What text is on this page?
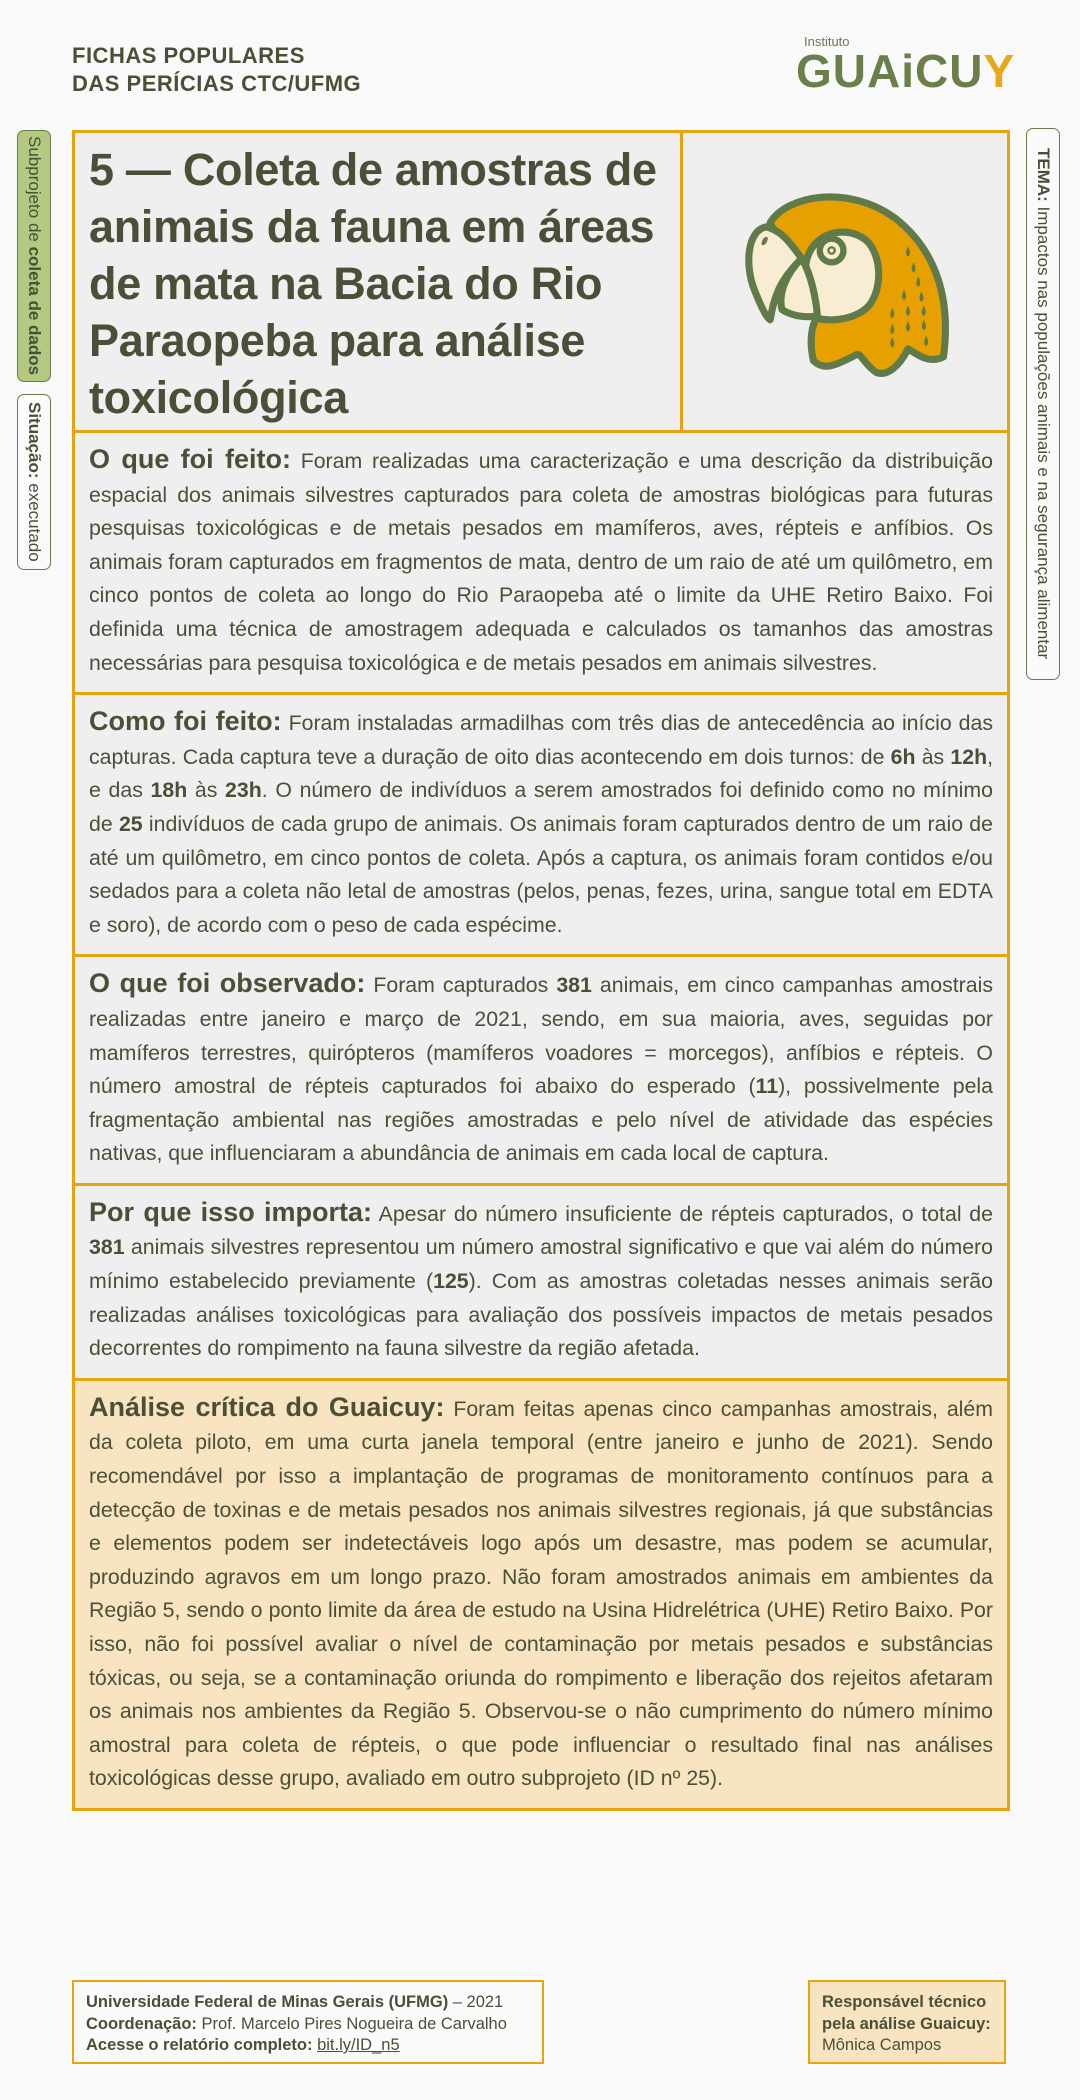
FICHAS POPULARES
DAS PERÍCIAS CTC/UFMG
Instituto
GUAiCUY
Subprojeto de coleta de dados
Situação: executado
TEMA: Impactos nas populações animais e na segurança alimentar
5 — Coleta de amostras de animais da fauna em áreas de mata na Bacia do Rio Paraopeba para análise toxicológica
O que foi feito: Foram realizadas uma caracterização e uma descrição da distribuição espacial dos animais silvestres capturados para coleta de amostras biológicas para futuras pesquisas toxicológicas e de metais pesados em mamíferos, aves, répteis e anfíbios. Os animais foram capturados em fragmentos de mata, dentro de um raio de até um quilômetro, em cinco pontos de coleta ao longo do Rio Paraopeba até o limite da UHE Retiro Baixo. Foi definida uma técnica de amostragem adequada e calculados os tamanhos das amostras necessárias para pesquisa toxicológica e de metais pesados em animais silvestres.
Como foi feito: Foram instaladas armadilhas com três dias de antecedência ao início das capturas. Cada captura teve a duração de oito dias acontecendo em dois turnos: de 6h às 12h, e das 18h às 23h. O número de indivíduos a serem amostrados foi definido como no mínimo de 25 indivíduos de cada grupo de animais. Os animais foram capturados dentro de um raio de até um quilômetro, em cinco pontos de coleta. Após a captura, os animais foram contidos e/ou sedados para a coleta não letal de amostras (pelos, penas, fezes, urina, sangue total em EDTA e soro), de acordo com o peso de cada espécime.
O que foi observado: Foram capturados 381 animais, em cinco campanhas amostrais realizadas entre janeiro e março de 2021, sendo, em sua maioria, aves, seguidas por mamíferos terrestres, quirópteros (mamíferos voadores = morcegos), anfíbios e répteis. O número amostral de répteis capturados foi abaixo do esperado (11), possivelmente pela fragmentação ambiental nas regiões amostradas e pelo nível de atividade das espécies nativas, que influenciaram a abundância de animais em cada local de captura.
Por que isso importa: Apesar do número insuficiente de répteis capturados, o total de 381 animais silvestres representou um número amostral significativo e que vai além do número mínimo estabelecido previamente (125). Com as amostras coletadas nesses animais serão realizadas análises toxicológicas para avaliação dos possíveis impactos de metais pesados decorrentes do rompimento na fauna silvestre da região afetada.
Análise crítica do Guaicuy: Foram feitas apenas cinco campanhas amostrais, além da coleta piloto, em uma curta janela temporal (entre janeiro e junho de 2021). Sendo recomendável por isso a implantação de programas de monitoramento contínuos para a detecção de toxinas e de metais pesados nos animais silvestres regionais, já que substâncias e elementos podem ser indetectáveis logo após um desastre, mas podem se acumular, produzindo agravos em um longo prazo. Não foram amostrados animais em ambientes da Região 5, sendo o ponto limite da área de estudo na Usina Hidrelétrica (UHE) Retiro Baixo. Por isso, não foi possível avaliar o nível de contaminação por metais pesados e substâncias tóxicas, ou seja, se a contaminação oriunda do rompimento e liberação dos rejeitos afetaram os animais nos ambientes da Região 5. Observou-se o não cumprimento do número mínimo amostral para coleta de répteis, o que pode influenciar o resultado final nas análises toxicológicas desse grupo, avaliado em outro subprojeto (ID nº 25).
Universidade Federal de Minas Gerais (UFMG) – 2021
Coordenação: Prof. Marcelo Pires Nogueira de Carvalho
Acesse o relatório completo: bit.ly/ID_n5
Responsável técnico pela análise Guaicuy:
Mônica Campos
